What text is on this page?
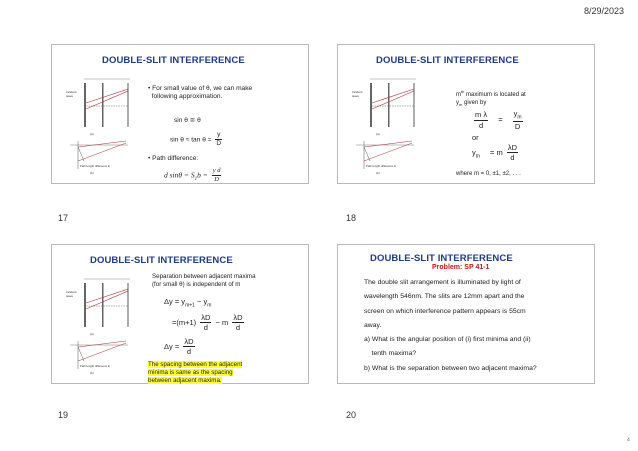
8/29/2023
DOUBLE-SLIT INTERFERENCE
Incident
wave
(a)
Path length difference Δ
(b)
• For small value of θ, we can make
following approximation.
sin θ ≅ θ
$\sin \theta \approx \tan \theta = \frac{y}{D}$
• Path difference:
d $\sin\theta = S_1b = \frac{\text{y d}}{D}$
17
DOUBLE-SLIT INTERFERENCE
Incident
wave
(a)
Path length difference Δ
(b)
$m^{th}$ maximum is located at
$y_m$ given by
$\frac{\text{m λ}}{d} = \frac{y_m}{D}$
or
$y_m = m \frac{\lambda D}{d}$
where m = 0, ±1, ±2, . . .
18
DOUBLE-SLIT INTERFERENCE
Incident
wave
(a)
Path length difference Δ
(b)
Separation between adjacent maxima
(for small θ) is independent of m
$\Delta y = y_{m+1} - y_m$
$=(m+1) \frac{\lambda D}{d} - m \frac{\lambda D}{d}$
$\Delta y = \frac{\lambda D}{d}$
The spacing between the adjacent
minima is same as the spacing
between adjacent maxima.
19
DOUBLE-SLIT INTERFERENCE
Problem: SP 41-1
The double slit arrangement is illuminated by light of
wavelength 546nm. The slits are 12mm apart and the
screen on which interference pattern appears is 55cm
away.
a) What is the angular position of (i) first minima and (ii)
tenth maxima?
b) What is the separation between two adjacent maxima?
20
⁴
